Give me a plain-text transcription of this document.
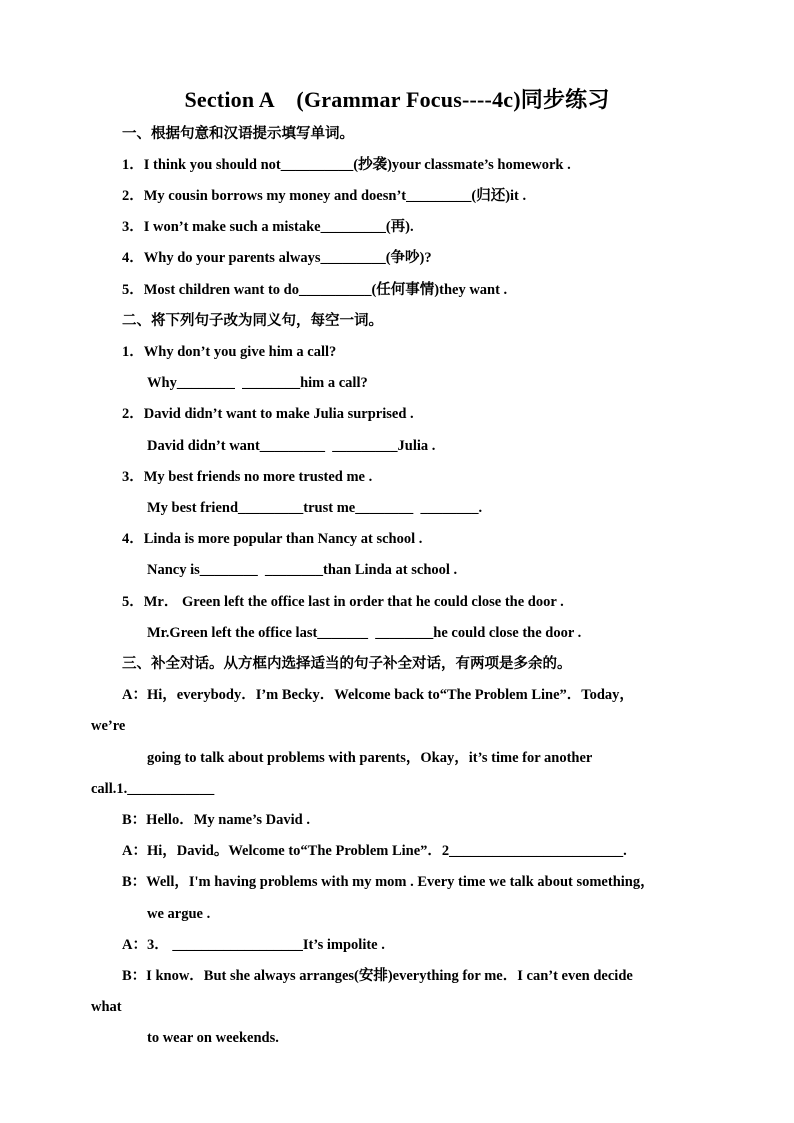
Section A    (Grammar Focus----4c)同步练习
一、根据句意和汉语提示填写单词。
1．I think you should not__________(抄袭)your classmate’s homework .
2．My cousin borrows my money and doesn’t_________(归还)it .
3．I won’t make such a mistake_________(再).
4．Why do your parents always_________(争吵)?
5．Most children want to do__________(任何事情)they want .
二、将下列句子改为同义句，每空一词。
1．Why don’t you give him a call?
Why________  ________him a call?
2．David didn’t want to make Julia surprised .
David didn’t want_________  _________Julia .
3．My best friends no more trusted me .
My best friend_________trust me________  ________.
4．Linda is more popular than Nancy at school .
Nancy is________  ________than Linda at school .
5．Mr． Green left the office last in order that he could close the door .
Mr.Green left the office last_______  ________he could close the door .
三、补全对话。从方框内选择适当的句子补全对话，有两项是多余的。
A：Hi，everybody．I’m Becky．Welcome back to“The Problem Line”．Today，
we’re
going to talk about problems with parents，Okay，it’s time for another
call.1.____________
B：Hello．My name’s David .
A：Hi，David。Welcome to“The Problem Line”．2________________________.
B：Well，I'm having problems with my mom . Every time we talk about something，
we argue .
A：3． __________________It’s impolite .
B：I know．But she always arranges(安排)everything for me．I can’t even decide
what
to wear on weekends.
